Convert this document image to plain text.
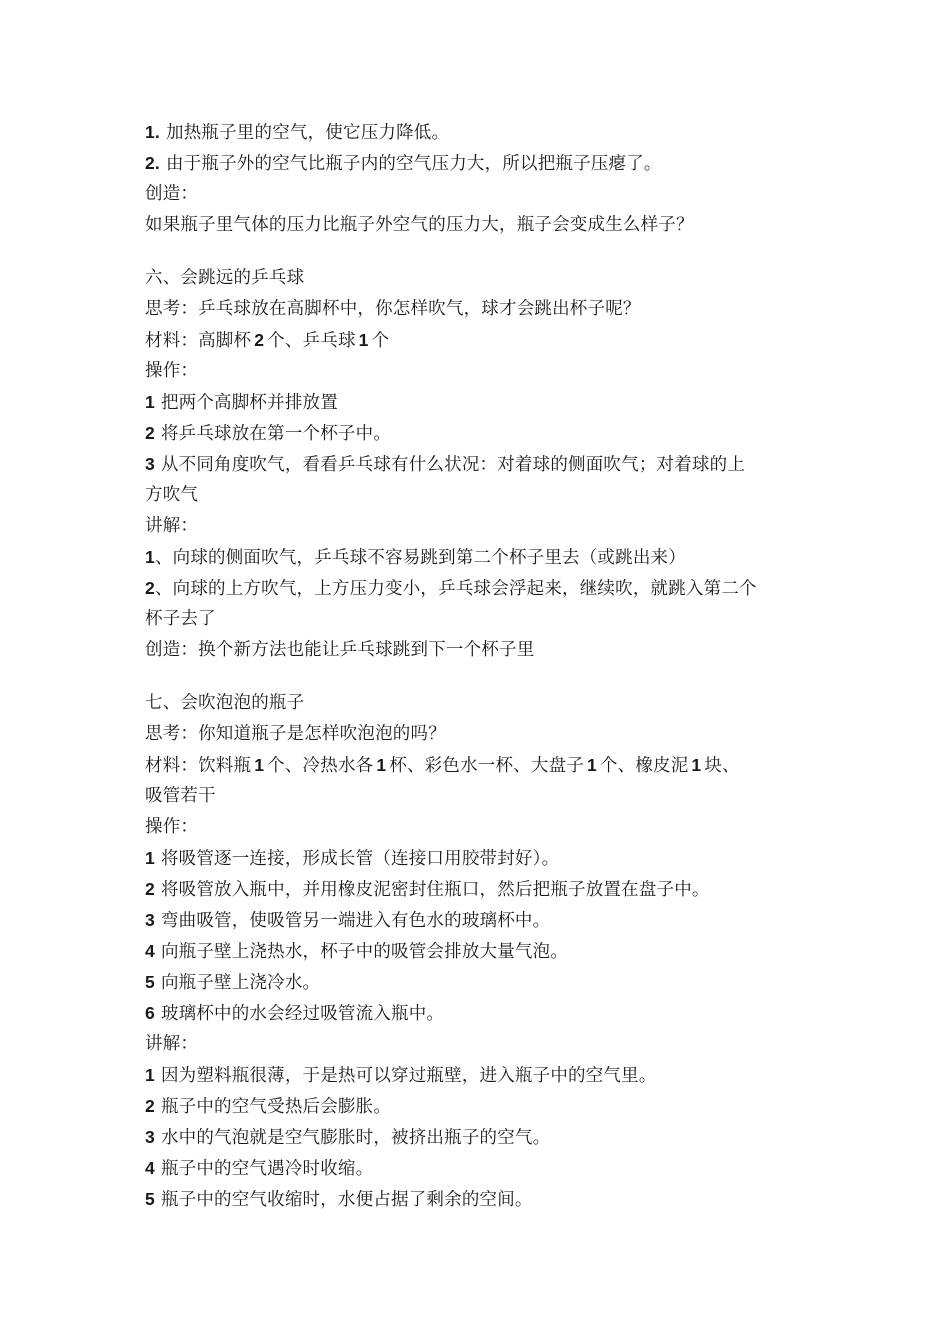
1. 加热瓶子里的空气，使它压力降低。
2. 由于瓶子外的空气比瓶子内的空气压力大，所以把瓶子压瘪了。
创造：
如果瓶子里气体的压力比瓶子外空气的压力大，瓶子会变成生么样子？
六、会跳远的乒乓球
思考：乒乓球放在高脚杯中，你怎样吹气，球才会跳出杯子呢？
材料：高脚杯 2 个、乒乓球 1 个
操作：
1 把两个高脚杯并排放置
2 将乒乓球放在第一个杯子中。
3 从不同角度吹气，看看乒乓球有什么状况：对着球的侧面吹气；对着球的上
方吹气
讲解：
1、向球的侧面吹气，乒乓球不容易跳到第二个杯子里去（或跳出来）
2、向球的上方吹气，上方压力变小，乒乓球会浮起来，继续吹，就跳入第二个
杯子去了
创造：换个新方法也能让乒乓球跳到下一个杯子里
七、会吹泡泡的瓶子
思考：你知道瓶子是怎样吹泡泡的吗？
材料：饮料瓶 1 个、冷热水各 1 杯、彩色水一杯、大盘子 1 个、橡皮泥 1 块、
吸管若干
操作：
1 将吸管逐一连接，形成长管（连接口用胶带封好）。
2 将吸管放入瓶中，并用橡皮泥密封住瓶口，然后把瓶子放置在盘子中。
3 弯曲吸管，使吸管另一端进入有色水的玻璃杯中。
4 向瓶子壁上浇热水，杯子中的吸管会排放大量气泡。
5 向瓶子壁上浇冷水。
6 玻璃杯中的水会经过吸管流入瓶中。
讲解：
1 因为塑料瓶很薄，于是热可以穿过瓶壁，进入瓶子中的空气里。
2 瓶子中的空气受热后会膨胀。
3 水中的气泡就是空气膨胀时，被挤出瓶子的空气。
4 瓶子中的空气遇冷时收缩。
5 瓶子中的空气收缩时，水便占据了剩余的空间。
